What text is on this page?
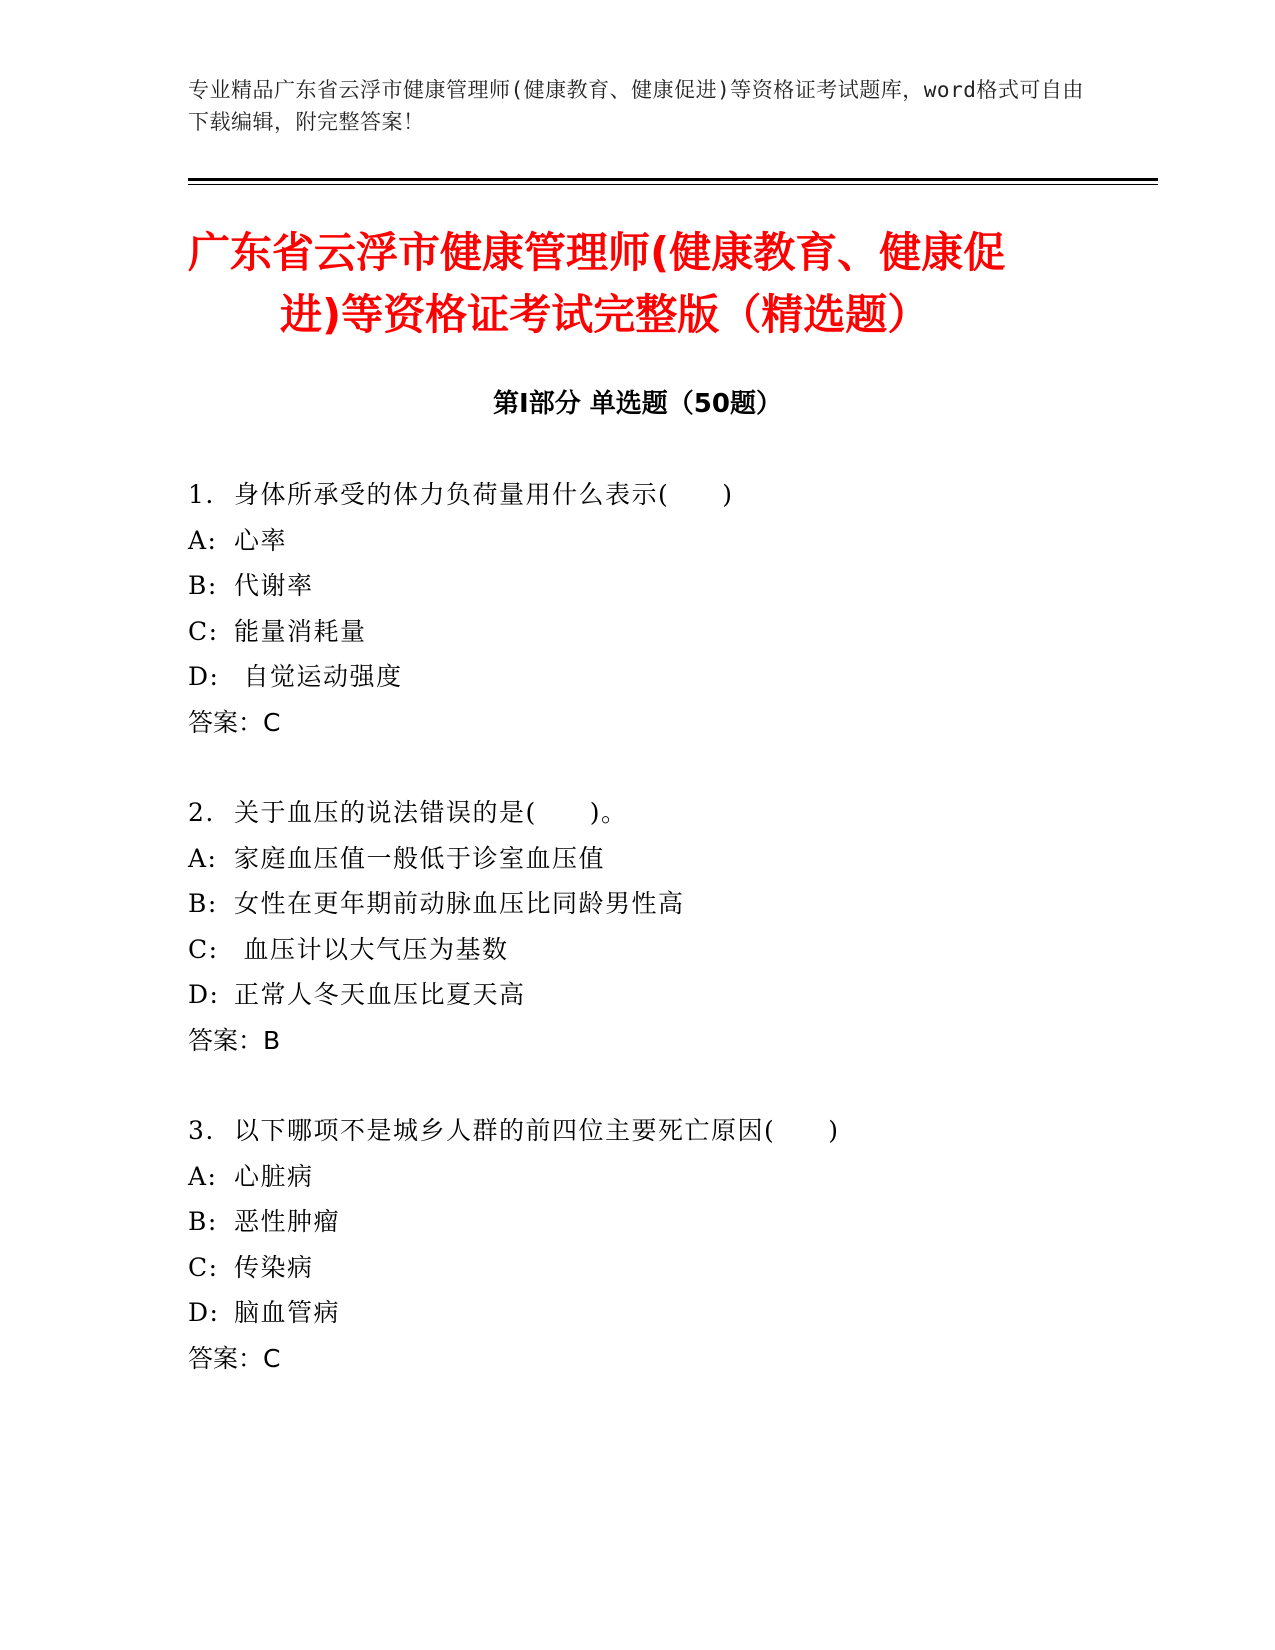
专业精品广东省云浮市健康管理师(健康教育、健康促进)等资格证考试题库，word格式可自由下载编辑，附完整答案！
广东省云浮市健康管理师(健康教育、健康促
进)等资格证考试完整版（精选题）
第Ⅰ部分 单选题（50题）
1. 身体所承受的体力负荷量用什么表示(　　)
A: 心率
B: 代谢率
C: 能量消耗量
D: 自觉运动强度
答案：C
2. 关于血压的说法错误的是(　　)。
A: 家庭血压值一般低于诊室血压值
B: 女性在更年期前动脉血压比同龄男性高
C: 血压计以大气压为基数
D: 正常人冬天血压比夏天高
答案：B
3. 以下哪项不是城乡人群的前四位主要死亡原因(　　)
A: 心脏病
B: 恶性肿瘤
C: 传染病
D: 脑血管病
答案：C
